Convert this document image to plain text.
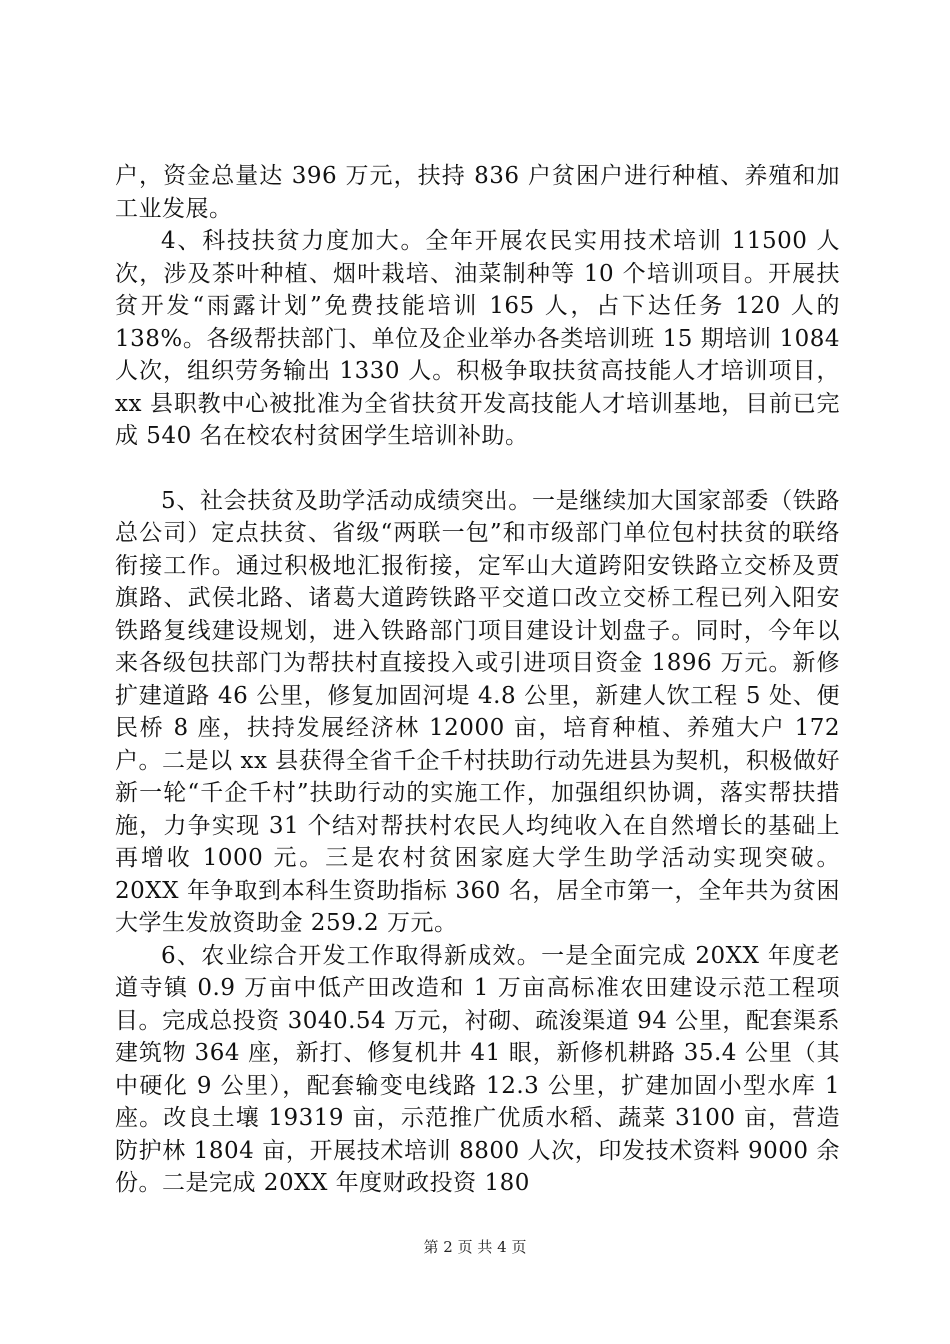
户，资金总量达 396 万元，扶持 836 户贫困户进行种植、养殖和加工业发展。

4、科技扶贫力度加大。全年开展农民实用技术培训 11500 人次，涉及茶叶种植、烟叶栽培、油菜制种等 10 个培训项目。开展扶贫开发“雨露计划”免费技能培训 165 人，占下达任务 120 人的 138%。各级帮扶部门、单位及企业举办各类培训班 15 期培训 1084 人次，组织劳务输出 1330 人。积极争取扶贫高技能人才培训项目，xx 县职教中心被批准为全省扶贫开发高技能人才培训基地，目前已完成 540 名在校农村贫困学生培训补助。

5、社会扶贫及助学活动成绩突出。一是继续加大国家部委（铁路总公司）定点扶贫、省级“两联一包”和市级部门单位包村扶贫的联络衔接工作。通过积极地汇报衔接，定军山大道跨阳安铁路立交桥及贾旗路、武侯北路、诸葛大道跨铁路平交道口改立交桥工程已列入阳安铁路复线建设规划，进入铁路部门项目建设计划盘子。同时，今年以来各级包扶部门为帮扶村直接投入或引进项目资金 1896 万元。新修扩建道路 46 公里，修复加固河堤 4.8 公里，新建人饮工程 5 处、便民桥 8 座，扶持发展经济林 12000 亩，培育种植、养殖大户 172 户。二是以 xx 县获得全省千企千村扶助行动先进县为契机，积极做好新一轮“千企千村”扶助行动的实施工作，加强组织协调，落实帮扶措施，力争实现 31 个结对帮扶村农民人均纯收入在自然增长的基础上再增收 1000 元。三是农村贫困家庭大学生助学活动实现突破。20XX 年争取到本科生资助指标 360 名，居全市第一，全年共为贫困大学生发放资助金 259.2 万元。

6、农业综合开发工作取得新成效。一是全面完成 20XX 年度老道寺镇 0.9 万亩中低产田改造和 1 万亩高标准农田建设示范工程项目。完成总投资 3040.54 万元，衬砌、疏浚渠道 94 公里，配套渠系建筑物 364 座，新打、修复机井 41 眼，新修机耕路 35.4 公里（其中硬化 9 公里），配套输变电线路 12.3 公里，扩建加固小型水库 1 座。改良土壤 19319 亩，示范推广优质水稻、蔬菜 3100 亩，营造防护林 1804 亩，开展技术培训 8800 人次，印发技术资料 9000 余份。二是完成 20XX 年度财政投资 180

第 2 页 共 4 页
